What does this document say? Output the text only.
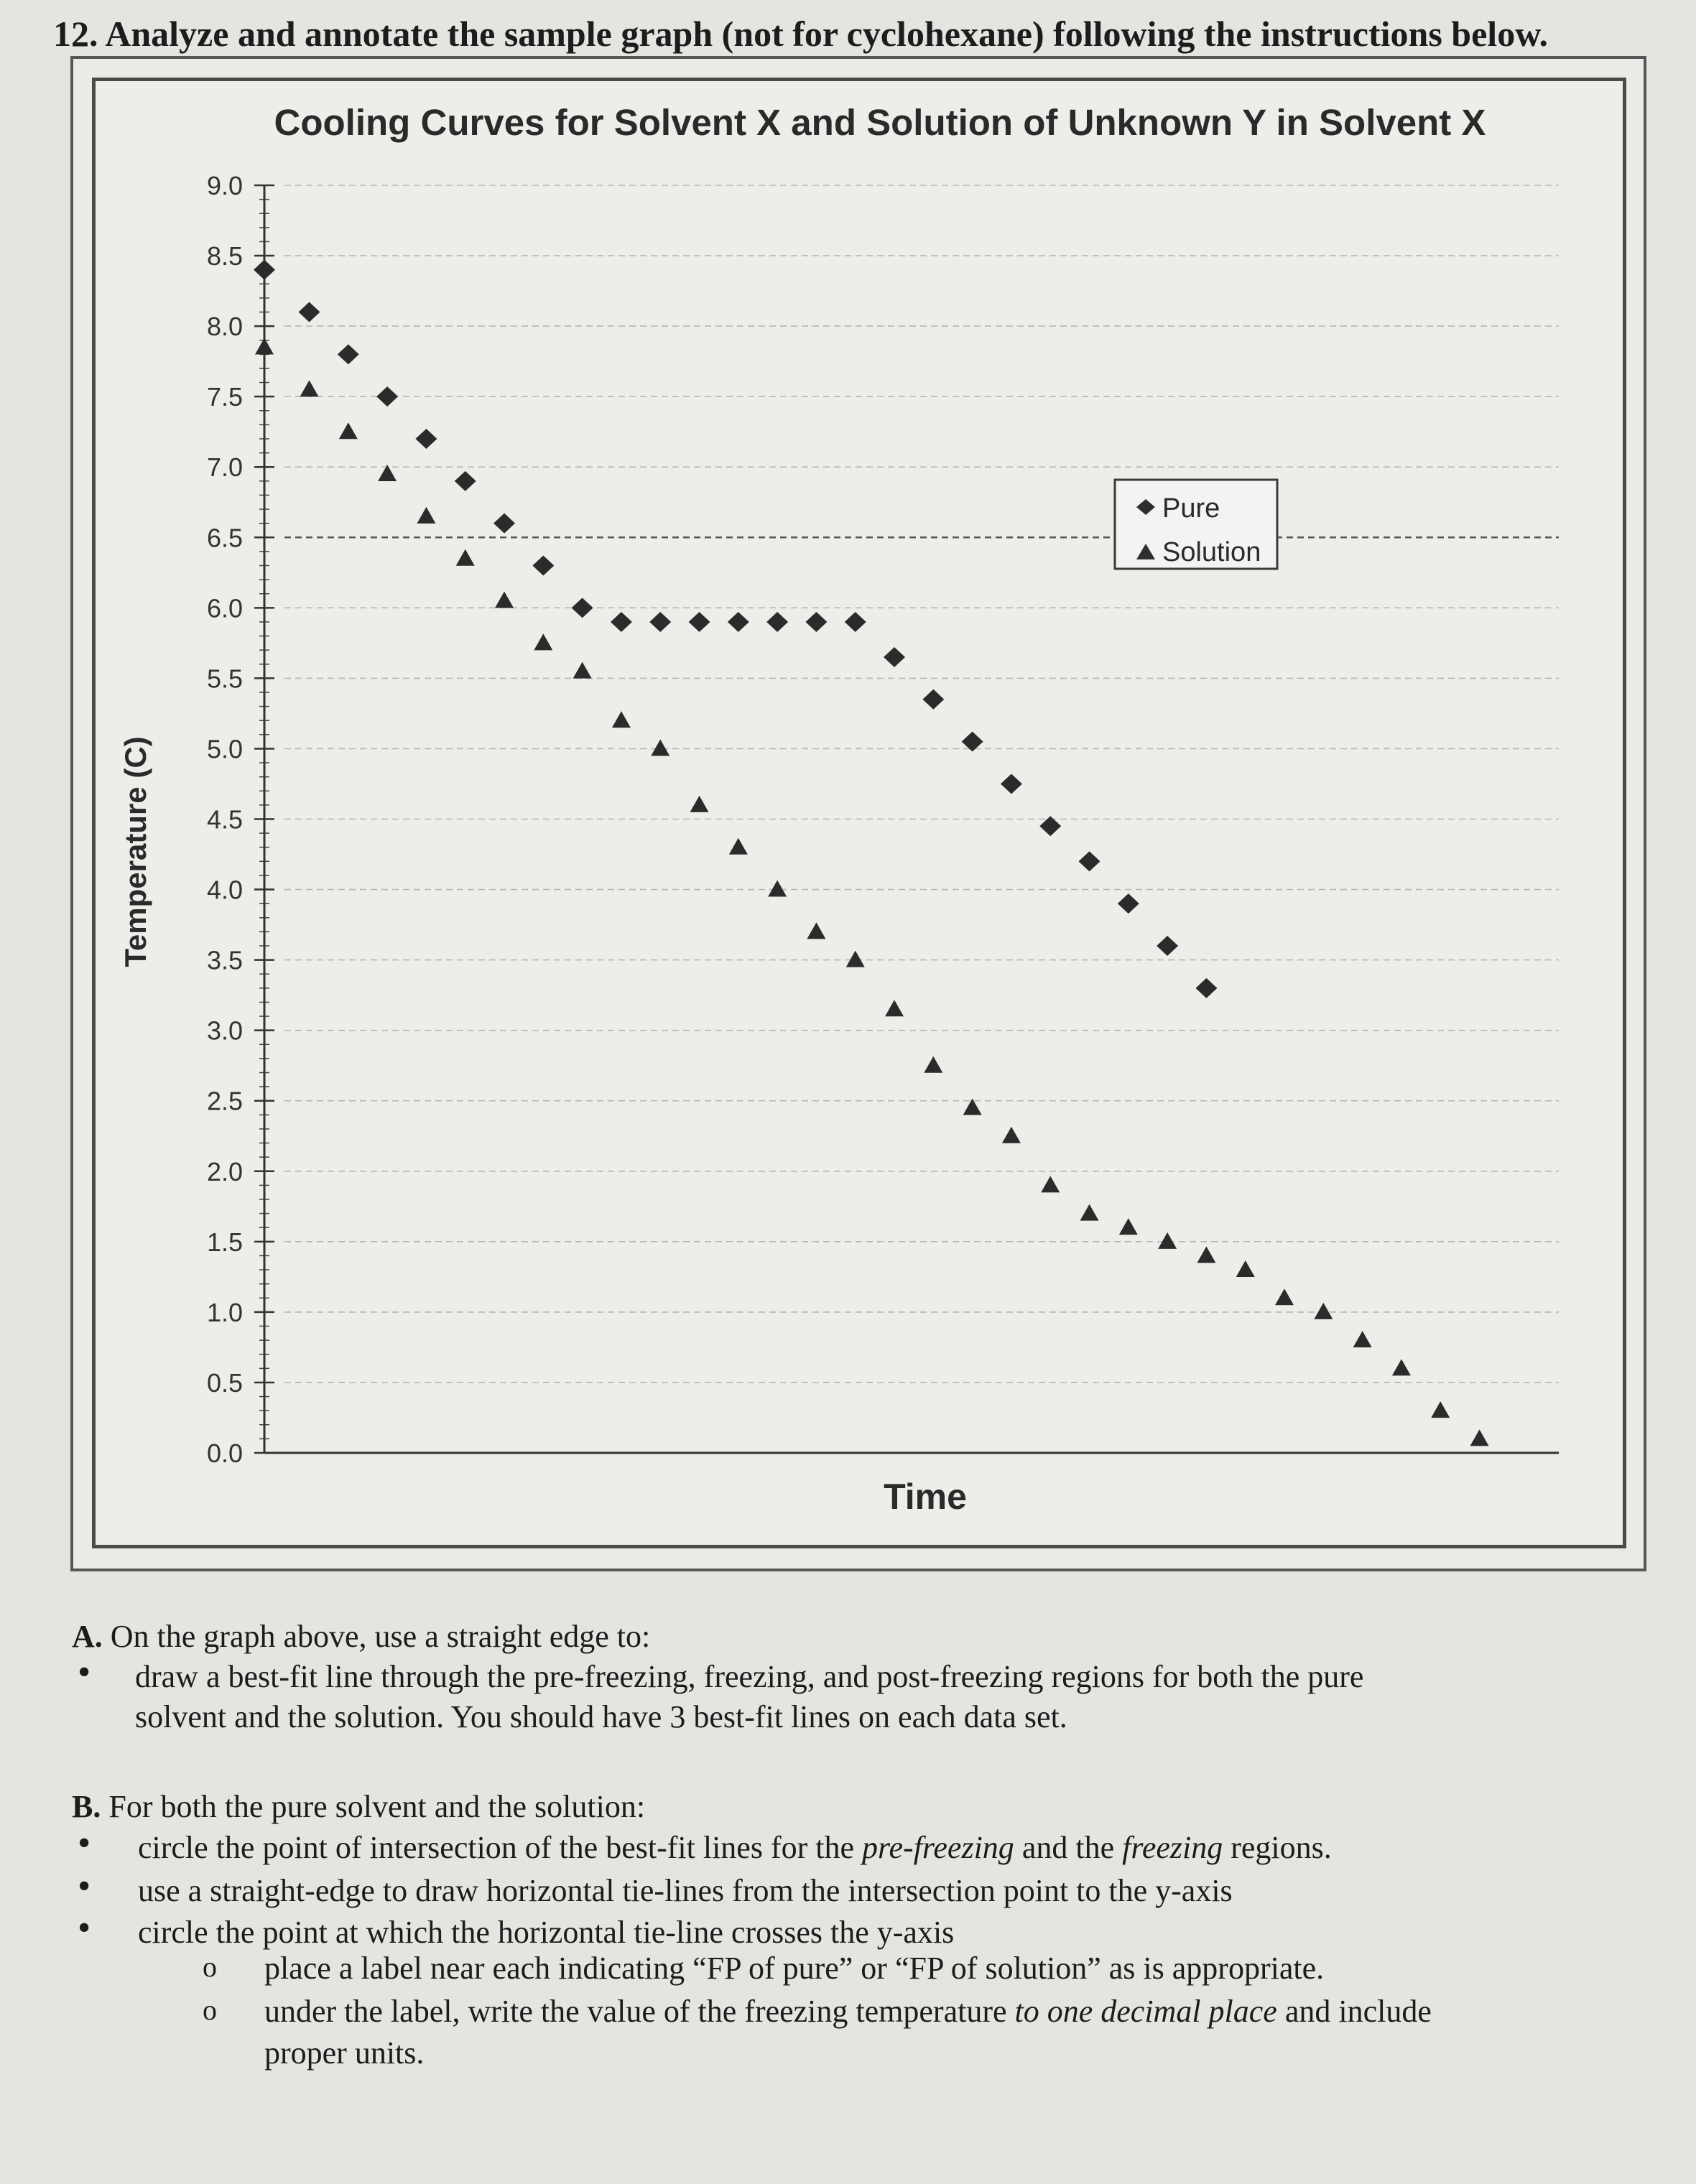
12. Analyze and annotate the sample graph (not for cyclohexane) following the instructions below.
Cooling Curves for Solvent X and Solution of Unknown Y in Solvent X
0.0
0.5
1.0
1.5
2.0
2.5
3.0
3.5
4.0
4.5
5.0
5.5
6.0
6.5
7.0
7.5
8.0
8.5
9.0
Pure
Solution
Time
Temperature (C)
A. On the graph above, use a straight edge to:
• draw a best-fit line through the pre-freezing, freezing, and post-freezing regions for both the pure
solvent and the solution. You should have 3 best-fit lines on each data set.
B. For both the pure solvent and the solution:
• circle the point of intersection of the best-fit lines for the pre-freezing and the freezing regions.
• use a straight-edge to draw horizontal tie-lines from the intersection point to the y-axis
• circle the point at which the horizontal tie-line crosses the y-axis
o place a label near each indicating “FP of pure” or “FP of solution” as is appropriate.
o under the label, write the value of the freezing temperature to one decimal place and include
proper units.
